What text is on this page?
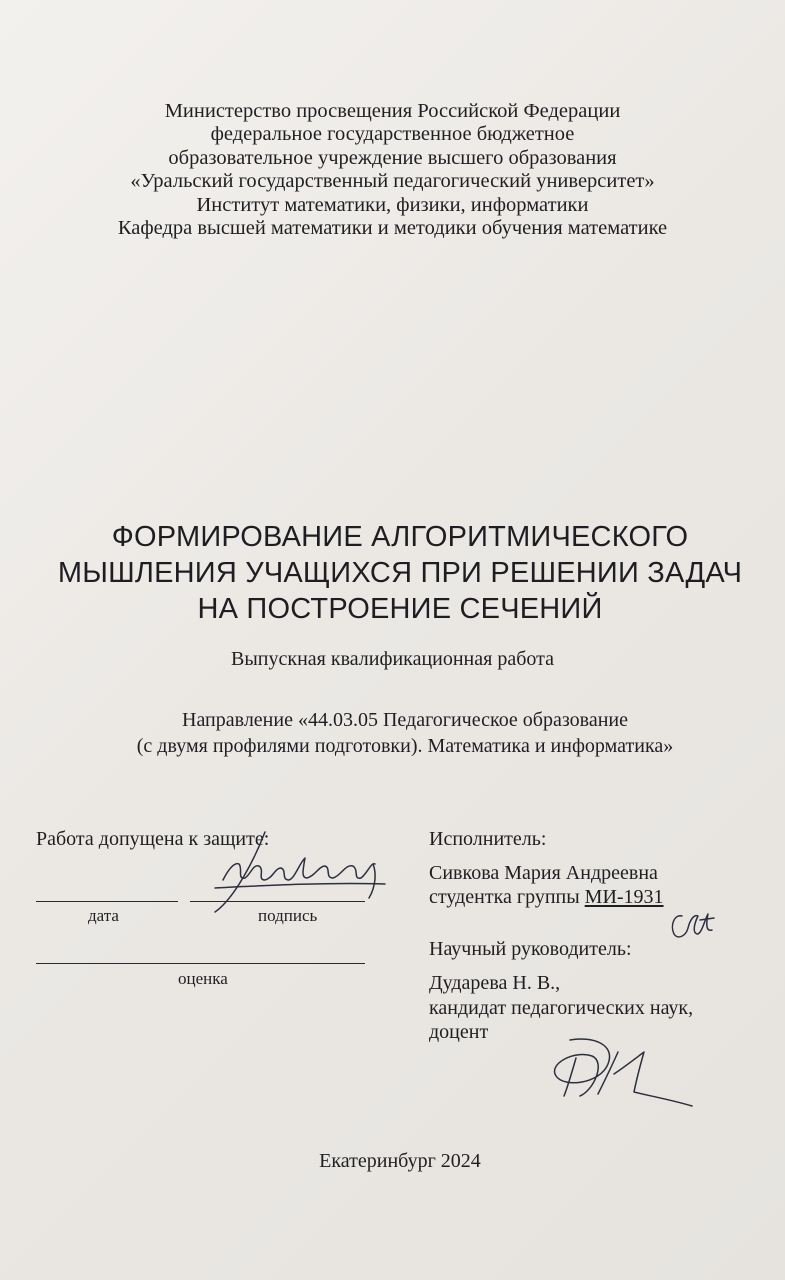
Министерство просвещения Российской Федерации
федеральное государственное бюджетное
образовательное учреждение высшего образования
«Уральский государственный педагогический университет»
Институт математики, физики, информатики
Кафедра высшей математики и методики обучения математике
ФОРМИРОВАНИЕ АЛГОРИТМИЧЕСКОГО
МЫШЛЕНИЯ УЧАЩИХСЯ ПРИ РЕШЕНИИ ЗАДАЧ
НА ПОСТРОЕНИЕ СЕЧЕНИЙ
Выпускная квалификационная работа
Направление «44.03.05 Педагогическое образование
(с двумя профилями подготовки). Математика и информатика»
Работа допущена к защите:
дата	подпись
оценка
Исполнитель:
Сивкова Мария Андреевна
студентка группы МИ-1931
Научный руководитель:
Дударева Н. В.,
кандидат педагогических наук,
доцент
Екатеринбург 2024
